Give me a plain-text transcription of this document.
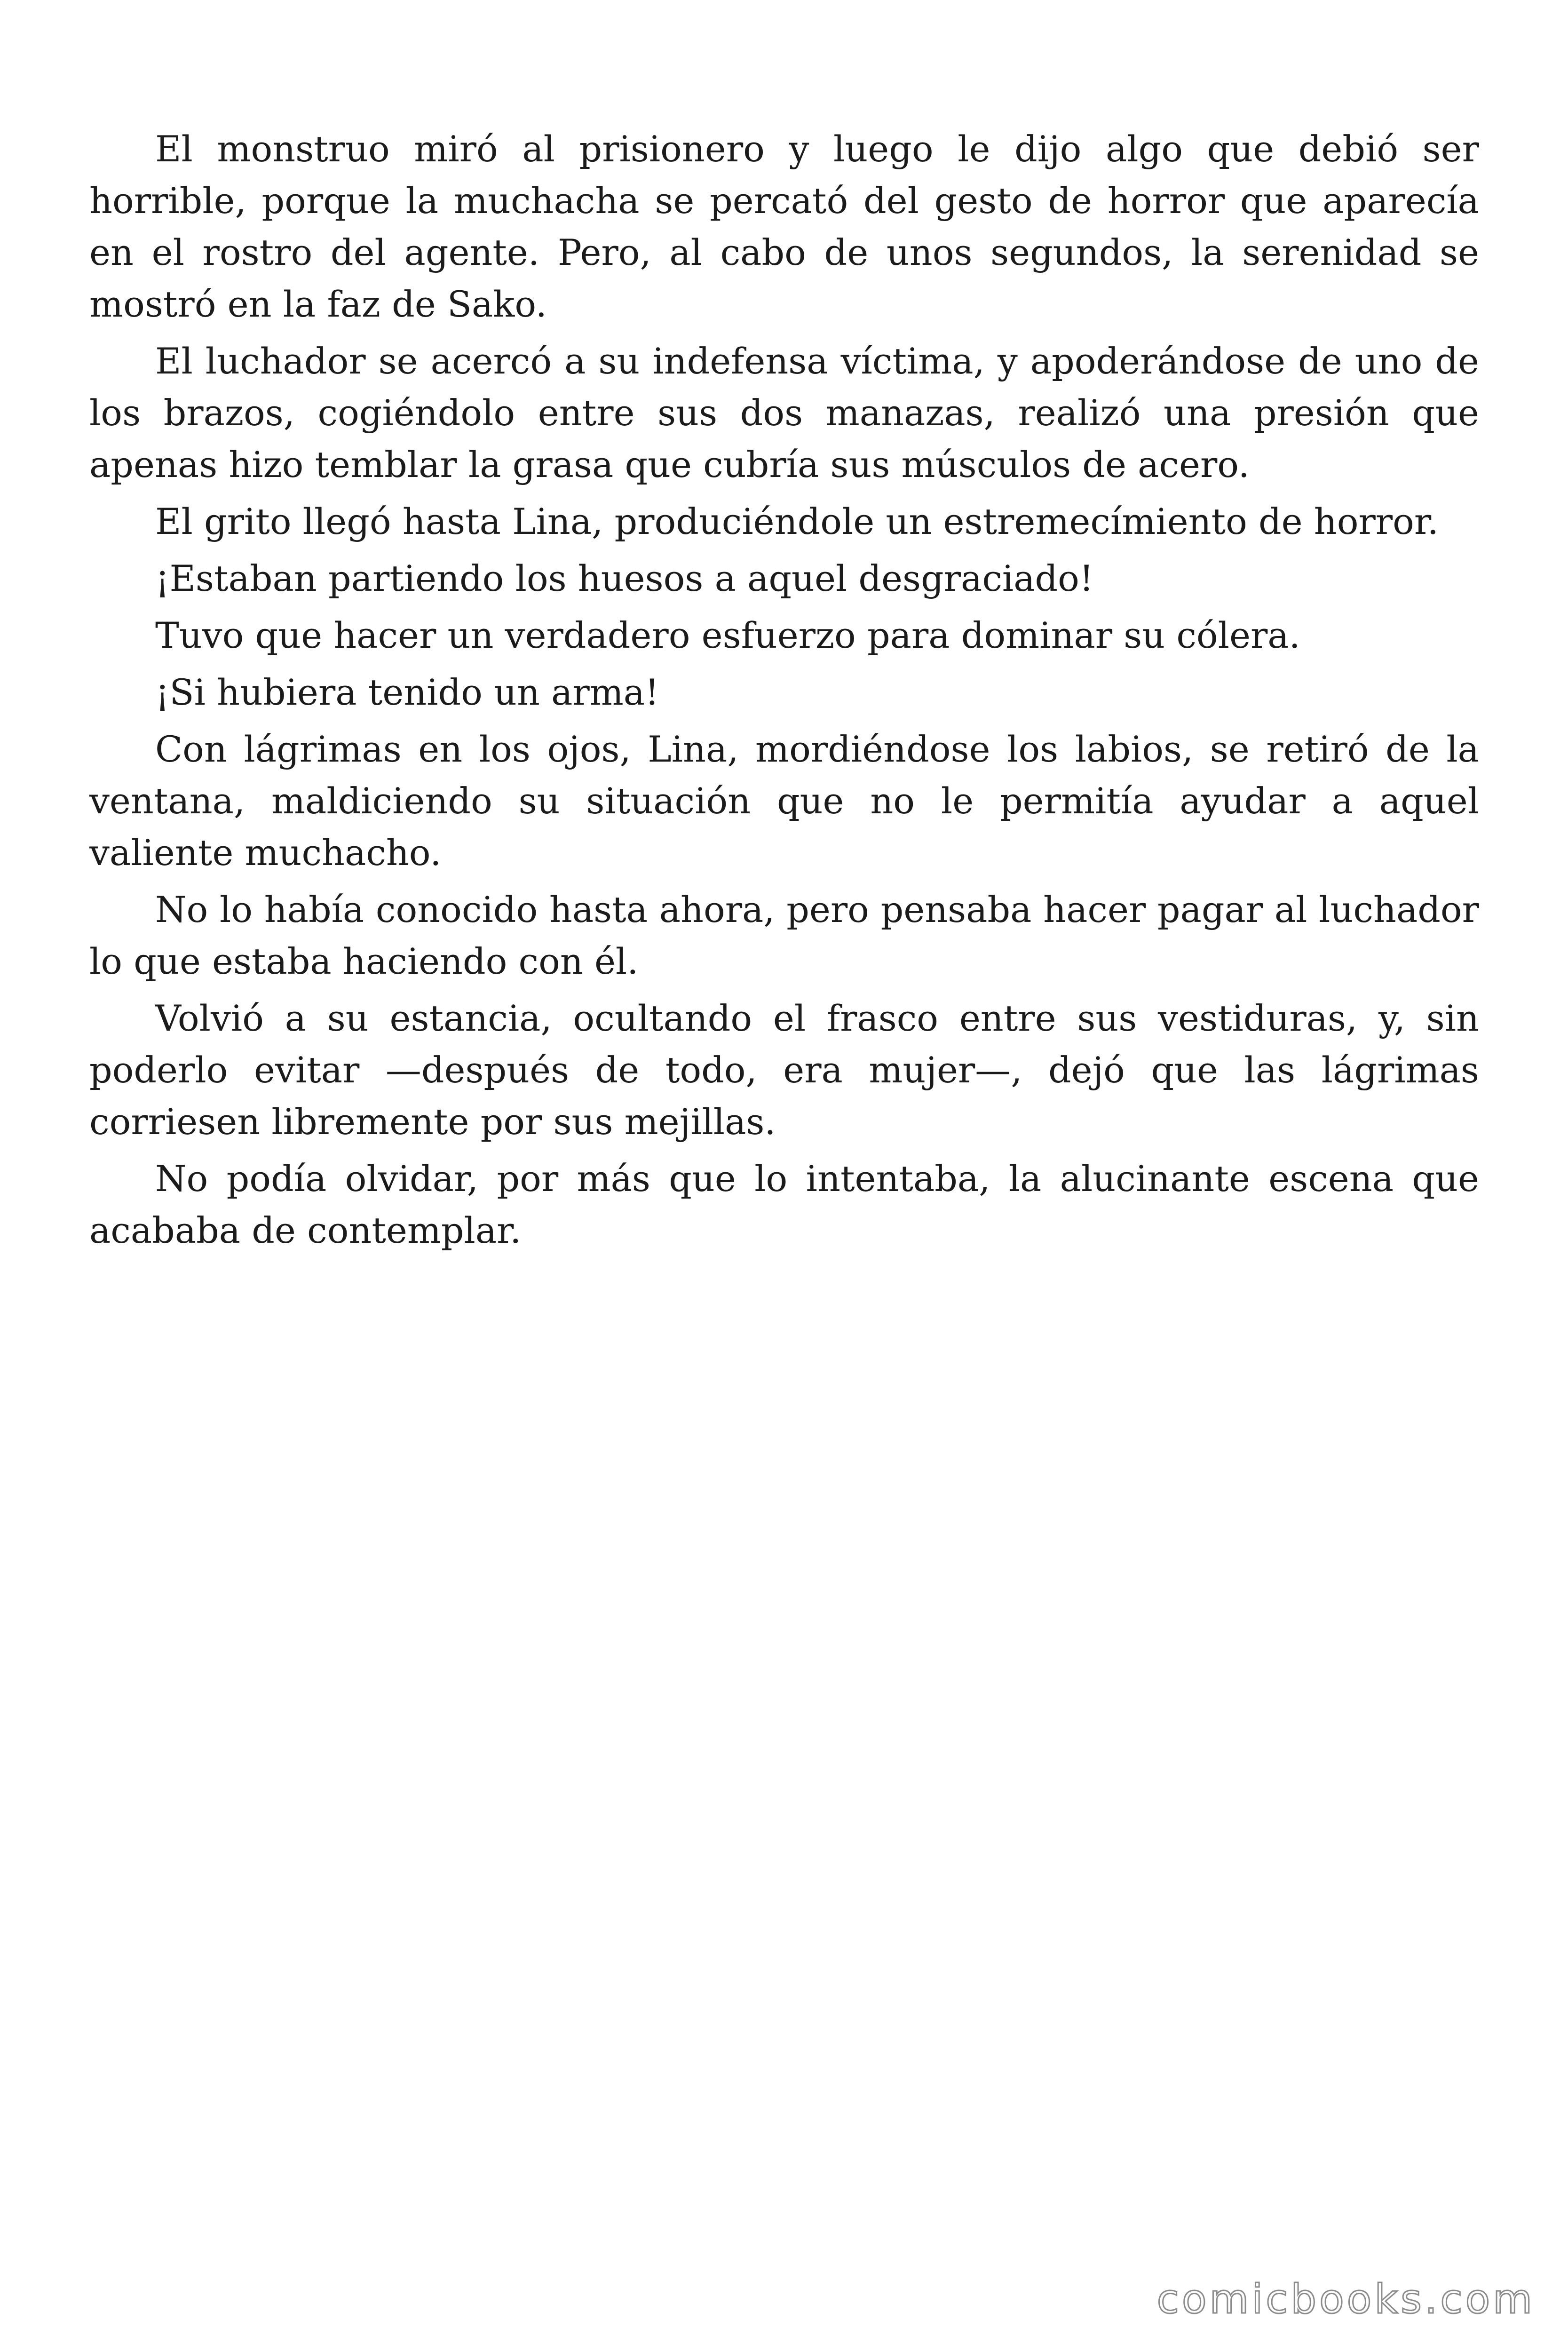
El monstruo miró al prisionero y luego le dijo algo que debió ser horrible, porque la muchacha se percató del gesto de horror que aparecía en el rostro del agente. Pero, al cabo de unos segundos, la serenidad se mostró en la faz de Sako.

El luchador se acercó a su indefensa víctima, y apoderándose de uno de los brazos, cogiéndolo entre sus dos manazas, realizó una presión que apenas hizo temblar la grasa que cubría sus músculos de acero.

El grito llegó hasta Lina, produciéndole un estremecímiento de horror.

¡Estaban partiendo los huesos a aquel desgraciado!

Tuvo que hacer un verdadero esfuerzo para dominar su cólera.

¡Si hubiera tenido un arma!

Con lágrimas en los ojos, Lina, mordiéndose los labios, se retiró de la ventana, maldiciendo su situación que no le permitía ayudar a aquel valiente muchacho.

No lo había conocido hasta ahora, pero pensaba hacer pagar al luchador lo que estaba haciendo con él.

Volvió a su estancia, ocultando el frasco entre sus vestiduras, y, sin poderlo evitar —después de todo, era mujer—, dejó que las lágrimas corriesen libremente por sus mejillas.

No podía olvidar, por más que lo intentaba, la alucinante escena que acababa de contemplar.

comicbooks.com
